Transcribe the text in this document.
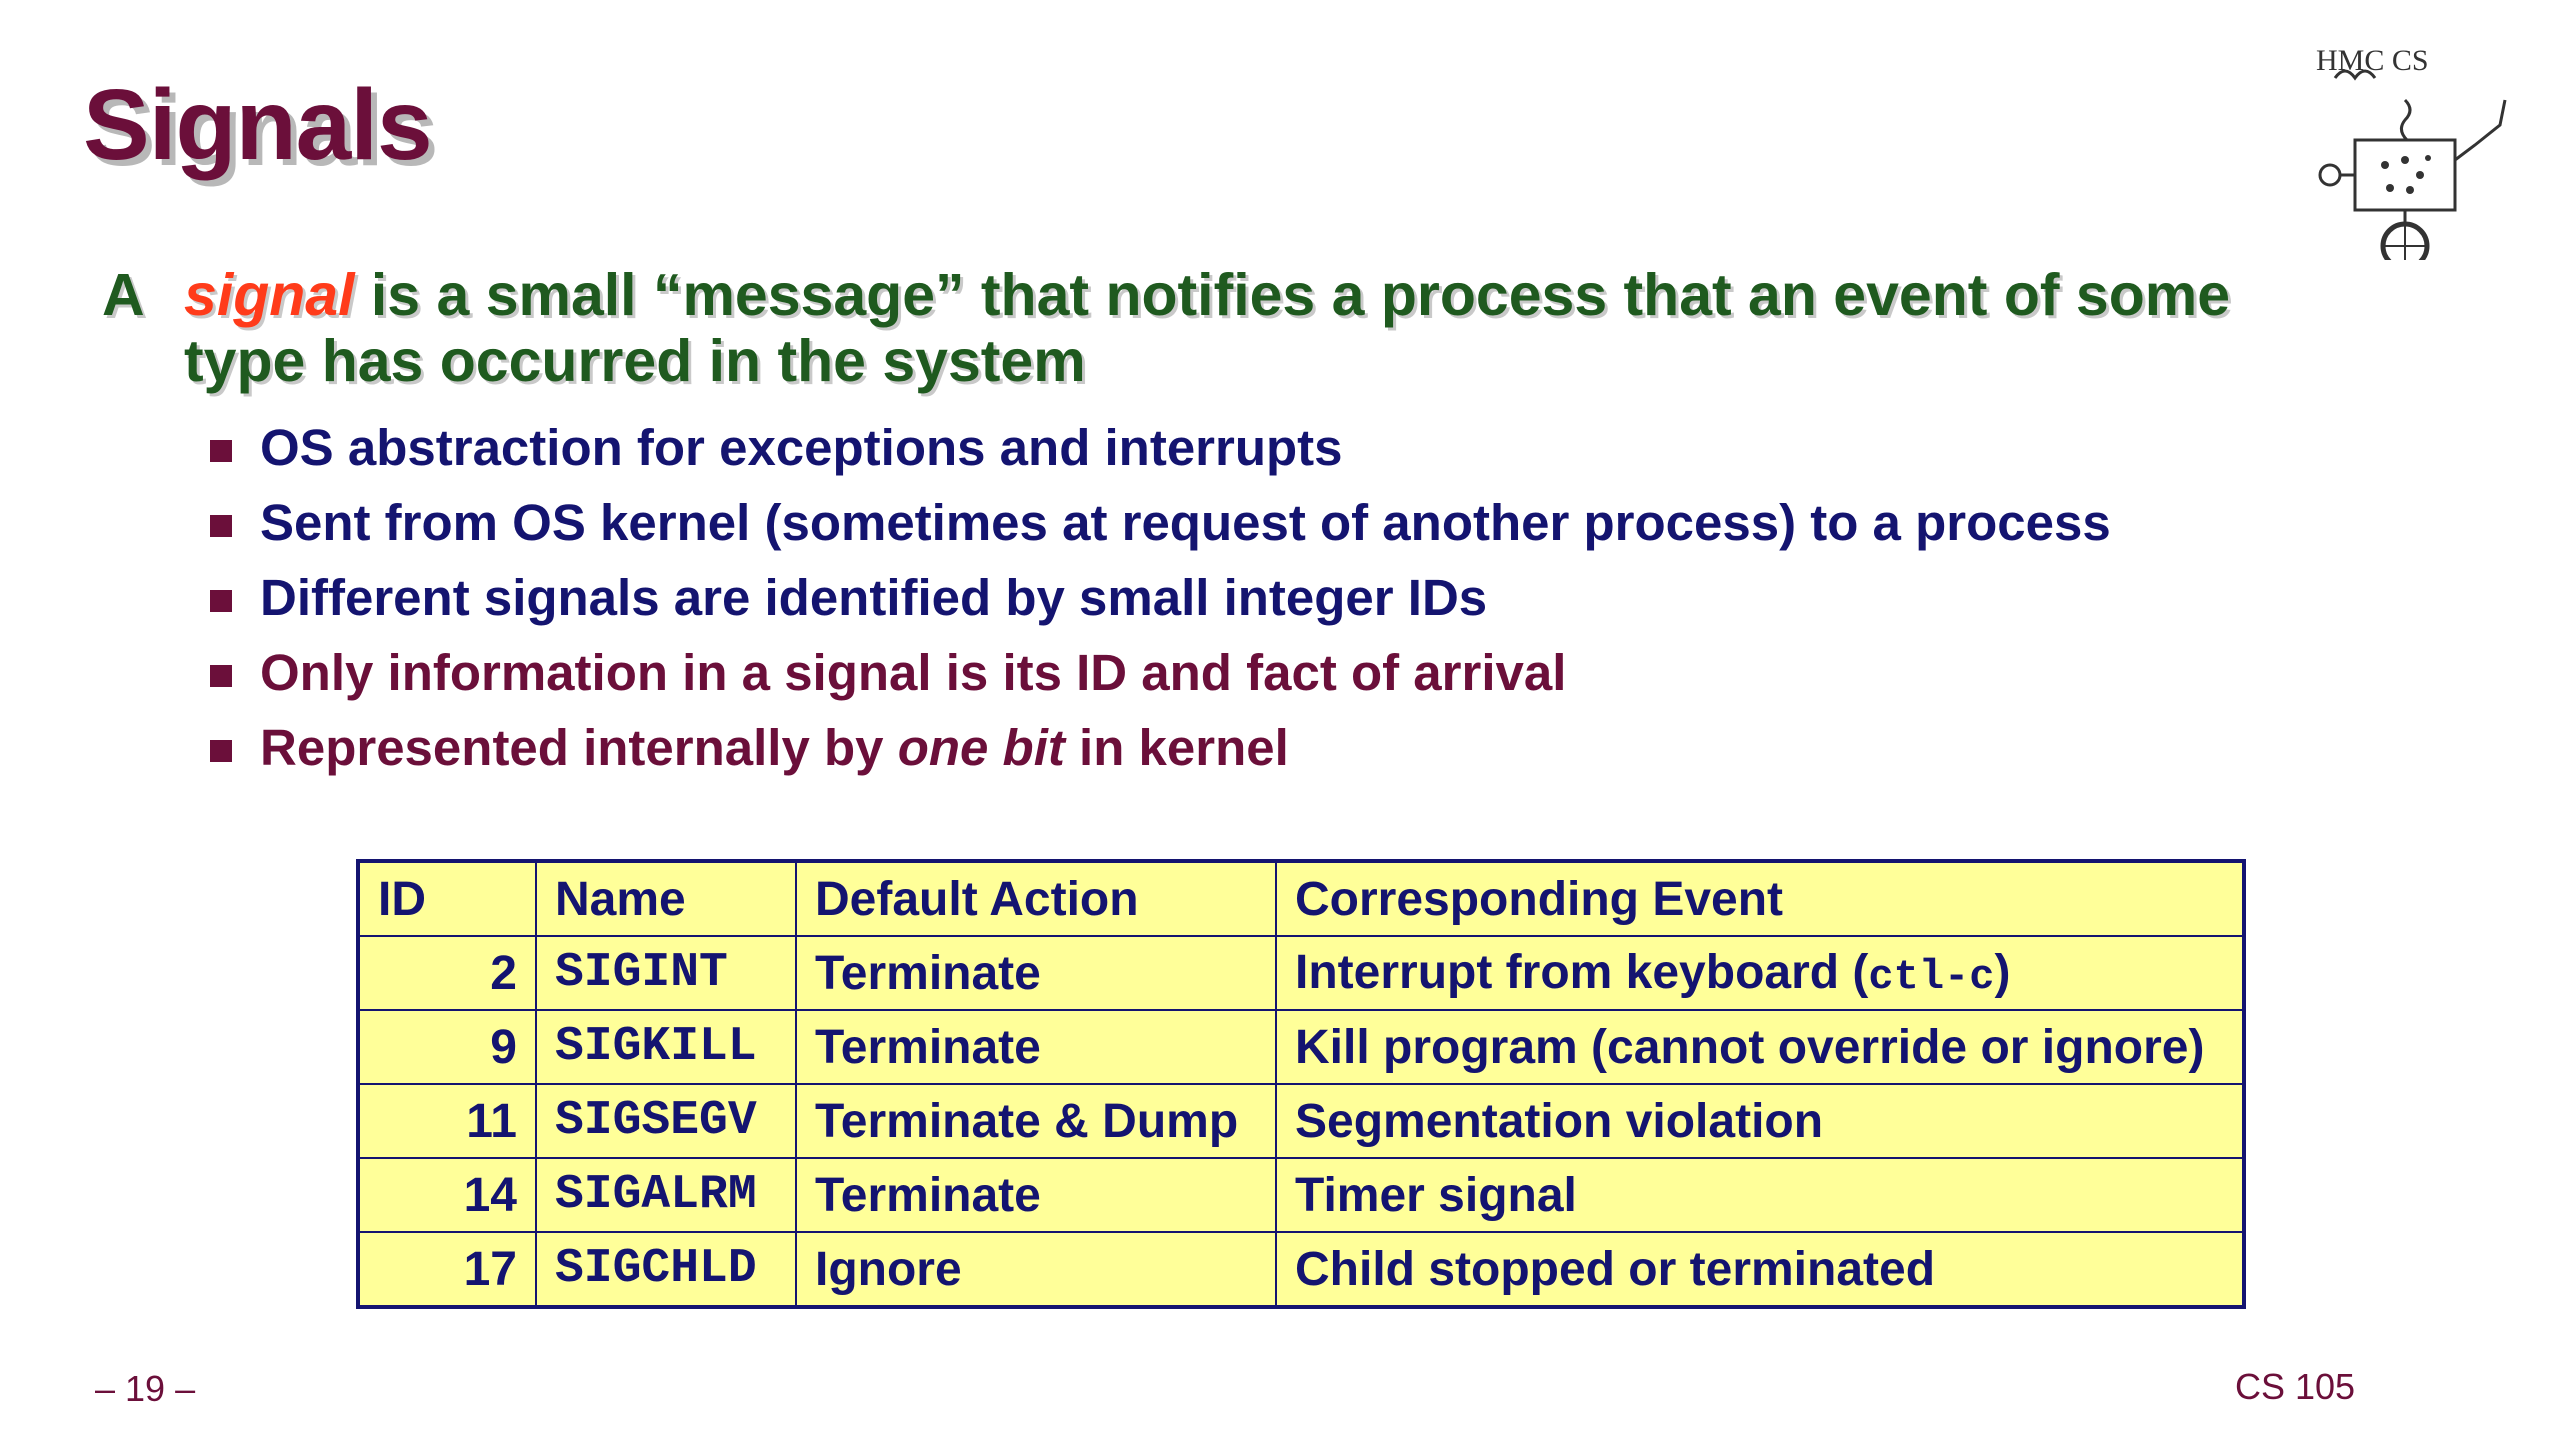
Signals
HMC CS
A signal is a small “message” that notifies a process that an event of some
type has occurred in the system
OS abstraction for exceptions and interrupts
Sent from OS kernel (sometimes at request of another process) to a process
Different signals are identified by small integer IDs
Only information in a signal is its ID and fact of arrival
Represented internally by one bit in kernel
ID	Name	Default Action	Corresponding Event
2	SIGINT	Terminate	Interrupt from keyboard (ctl-c)
9	SIGKILL	Terminate	Kill program (cannot override or ignore)
11	SIGSEGV	Terminate & Dump	Segmentation violation
14	SIGALRM	Terminate	Timer signal
17	SIGCHLD	Ignore	Child stopped or terminated
– 19 –	CS 105
